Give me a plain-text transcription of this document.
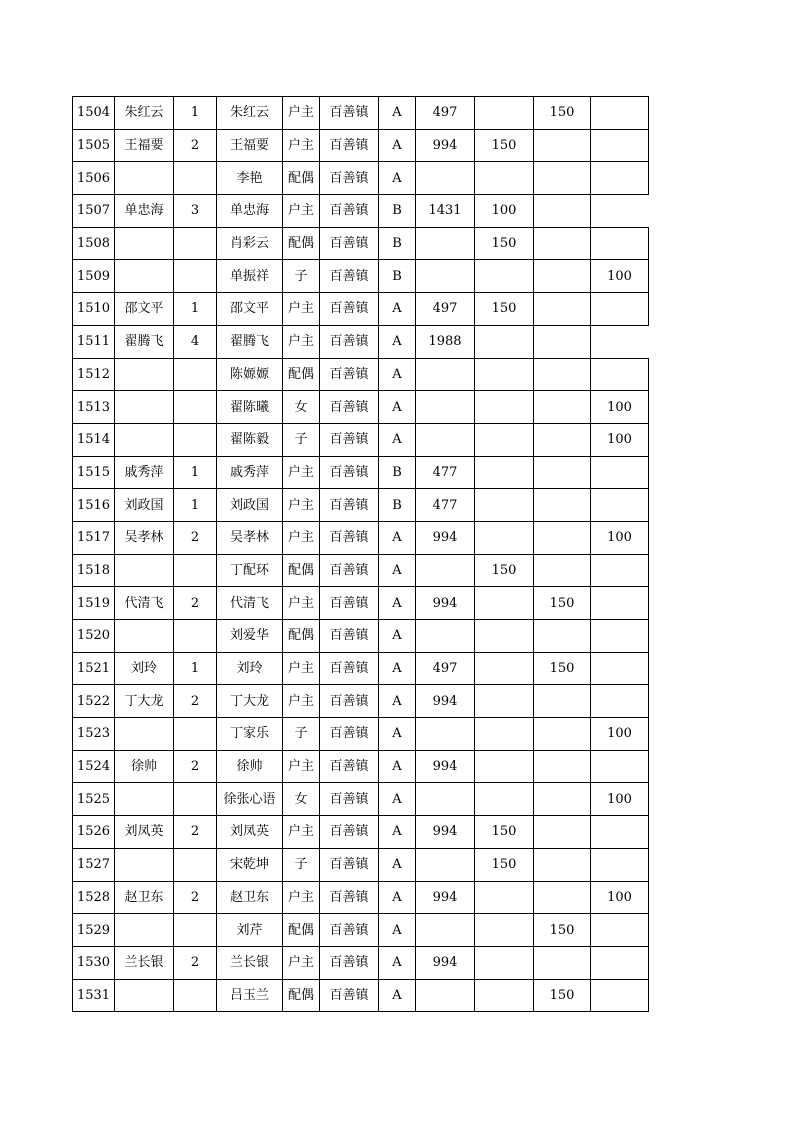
1504	朱红云	1	朱红云	户主	百善镇	A	497		150	
1505	王福要	2	王福要	户主	百善镇	A	994	150		
1506			李艳	配偶	百善镇	A				
1507	单忠海	3	单忠海	户主	百善镇	B	1431	100		
1508			肖彩云	配偶	百善镇	B		150		
1509			单振祥	子	百善镇	B				100
1510	邵文平	1	邵文平	户主	百善镇	A	497	150		
1511	翟腾飞	4	翟腾飞	户主	百善镇	A	1988			
1512			陈嫄嫄	配偶	百善镇	A				
1513			翟陈曦	女	百善镇	A				100
1514			翟陈毅	子	百善镇	A				100
1515	戚秀萍	1	戚秀萍	户主	百善镇	B	477			
1516	刘政国	1	刘政国	户主	百善镇	B	477			
1517	吴孝林	2	吴孝林	户主	百善镇	A	994			100
1518			丁配环	配偶	百善镇	A		150		
1519	代清飞	2	代清飞	户主	百善镇	A	994		150	
1520			刘爱华	配偶	百善镇	A				
1521	刘玲	1	刘玲	户主	百善镇	A	497		150	
1522	丁大龙	2	丁大龙	户主	百善镇	A	994			
1523			丁家乐	子	百善镇	A				100
1524	徐帅	2	徐帅	户主	百善镇	A	994			
1525			徐张心语	女	百善镇	A				100
1526	刘凤英	2	刘凤英	户主	百善镇	A	994	150		
1527			宋乾坤	子	百善镇	A		150		
1528	赵卫东	2	赵卫东	户主	百善镇	A	994			100
1529			刘芹	配偶	百善镇	A			150	
1530	兰长银	2	兰长银	户主	百善镇	A	994			
1531			吕玉兰	配偶	百善镇	A			150	
